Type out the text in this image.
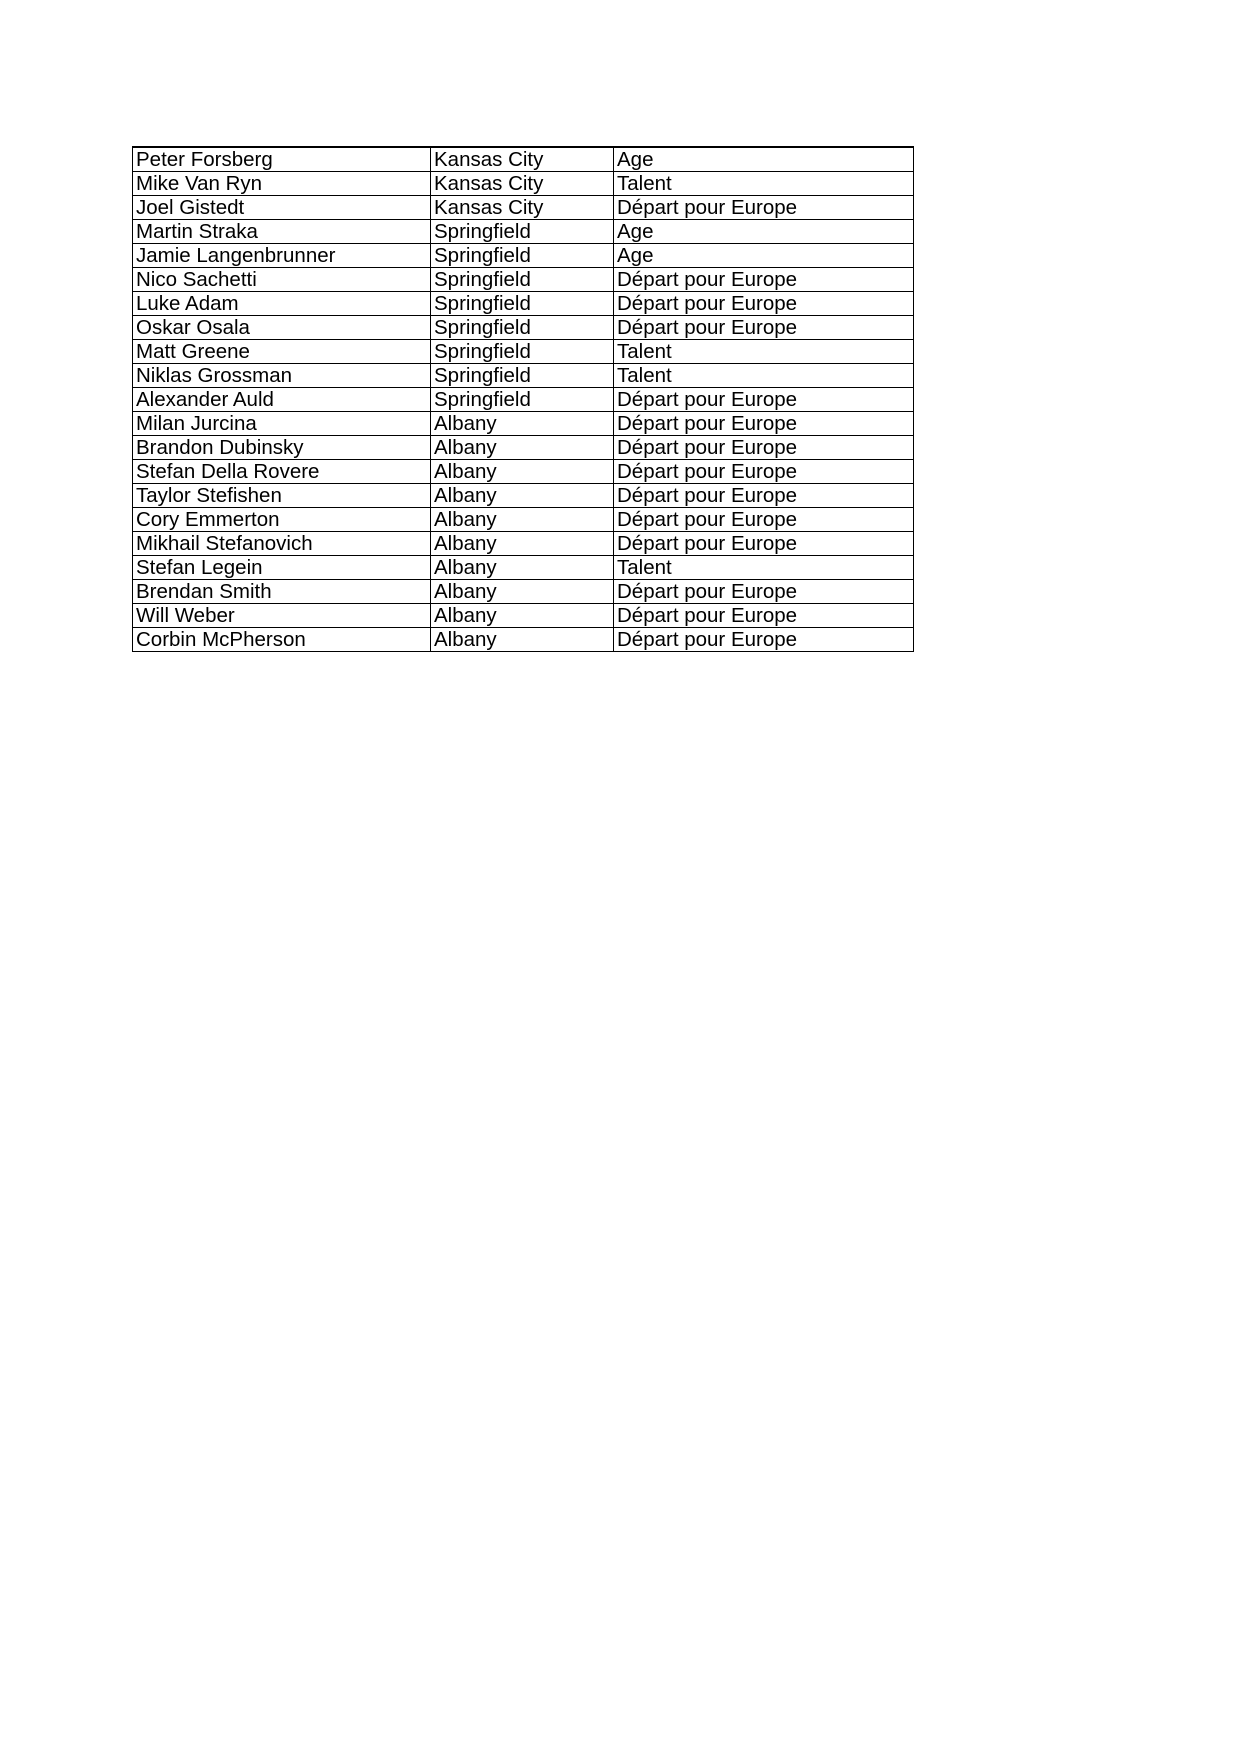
Peter Forsberg	Kansas City	Age
Mike Van Ryn	Kansas City	Talent
Joel Gistedt	Kansas City	Départ pour Europe
Martin Straka	Springfield	Age
Jamie Langenbrunner	Springfield	Age
Nico Sachetti	Springfield	Départ pour Europe
Luke Adam	Springfield	Départ pour Europe
Oskar Osala	Springfield	Départ pour Europe
Matt Greene	Springfield	Talent
Niklas Grossman	Springfield	Talent
Alexander Auld	Springfield	Départ pour Europe
Milan Jurcina	Albany	Départ pour Europe
Brandon Dubinsky	Albany	Départ pour Europe
Stefan Della Rovere	Albany	Départ pour Europe
Taylor Stefishen	Albany	Départ pour Europe
Cory Emmerton	Albany	Départ pour Europe
Mikhail Stefanovich	Albany	Départ pour Europe
Stefan Legein	Albany	Talent
Brendan Smith	Albany	Départ pour Europe
Will Weber	Albany	Départ pour Europe
Corbin McPherson	Albany	Départ pour Europe
